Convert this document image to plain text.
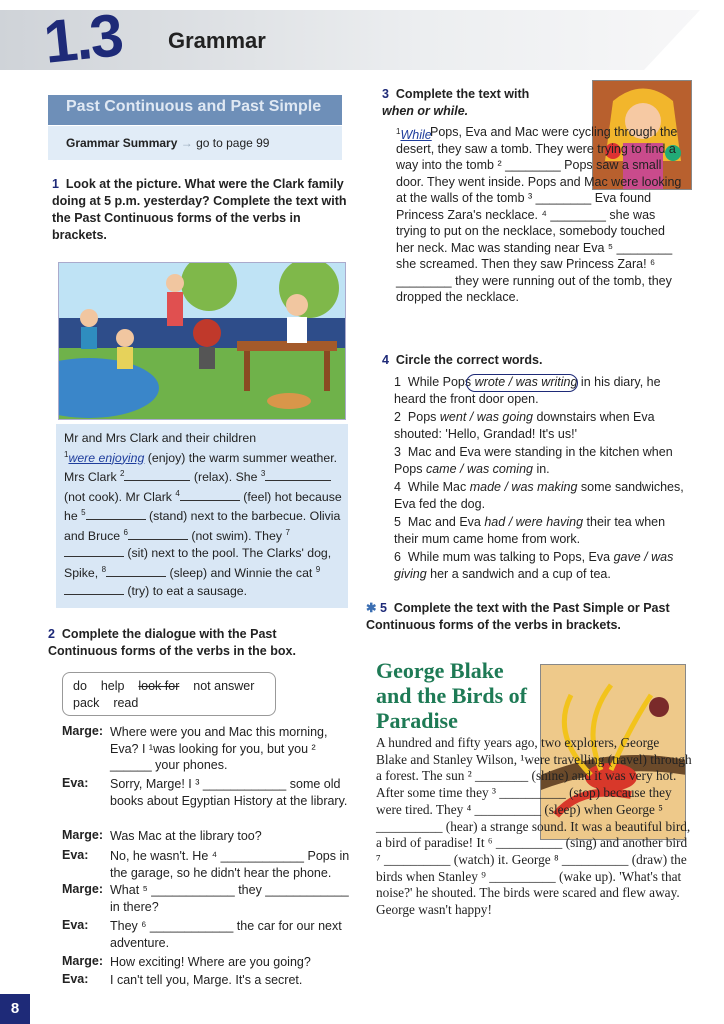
1.3 Grammar
Past Continuous and Past Simple
Grammar Summary → go to page 99
1 Look at the picture. What were the Clark family doing at 5 p.m. yesterday? Complete the text with the Past Continuous forms of the verbs in brackets.
Mr and Mrs Clark and their children
$^1$were enjoying (enjoy) the warm summer weather. Mrs Clark $^2$	(relax). She $^3$ (not cook). Mr Clark $^4$	(feel) hot because he $^5$	(stand) next to the barbecue. Olivia and Bruce $^6$	(not swim). They $^7$ (sit) next to the pool. The Clarks' dog, Spike, $^8$	(sleep) and Winnie the cat $^9$ (try) to eat a sausage.
2 Complete the dialogue with the Past Continuous forms of the verbs in the box.
do help look for not answer
pack read
Marge: Where were you and Mac this morning, Eva? I ¹was looking for you, but you ² ______ your phones.
Eva: Sorry, Marge! I ³ ____________ some old books about Egyptian History at the library.
Marge: Was Mac at the library too?
Eva: No, he wasn't. He ⁴ ____________ Pops in the garage, so he didn't hear the phone.
Marge: What ⁵ ____________ they ____________ in there?
Eva: They ⁶ ____________ the car for our next adventure.
Marge: How exciting! Where are you going?
Eva: I can't tell you, Marge. It's a secret.
3 Complete the text with
when or while.
$^1$While
Pops, Eva and Mac were cycling through the desert, they saw a tomb. They were trying to find a way into the tomb ² ________ Pops saw a small door. They went inside. Pops and Mac were looking at the walls of the tomb ³ ________ Eva found Princess Zara's necklace. ⁴ ________ she was trying to put on the necklace, somebody touched her neck. Mac was standing near Eva ⁵ ________ she screamed. Then they saw Princess Zara! ⁶ ________ they were running out of the tomb, they dropped the necklace.
4 Circle the correct words.
1 While Pops wrote / was writing in his diary, he heard the front door open.
2 Pops went / was going downstairs when Eva shouted: 'Hello, Grandad! It's us!'
3 Mac and Eva were standing in the kitchen when Pops came / was coming in.
4 While Mac made / was making some sandwiches, Eva fed the dog.
5 Mac and Eva had / were having their tea when their mum came home from work.
6 While mum was talking to Pops, Eva gave / was giving her a sandwich and a cup of tea.
✱ 5 Complete the text with the Past Simple or Past Continuous forms of the verbs in brackets.
George Blake and the Birds of Paradise
A hundred and fifty years ago, two explorers, George Blake and Stanley Wilson, ¹were travelling (travel) through a forest. The sun ² ________ (shine) and it was very hot. After some time they ³ __________ (stop) because they were tired. They ⁴ __________ (sleep) when George ⁵ __________ (hear) a strange sound. It was a beautiful bird, a bird of paradise! It ⁶ __________ (sing) and another bird ⁷ __________ (watch) it. George ⁸ __________ (draw) the birds when Stanley ⁹ __________ (wake up). 'What's that noise?' he shouted. The birds were scared and flew away. George wasn't happy!
8
